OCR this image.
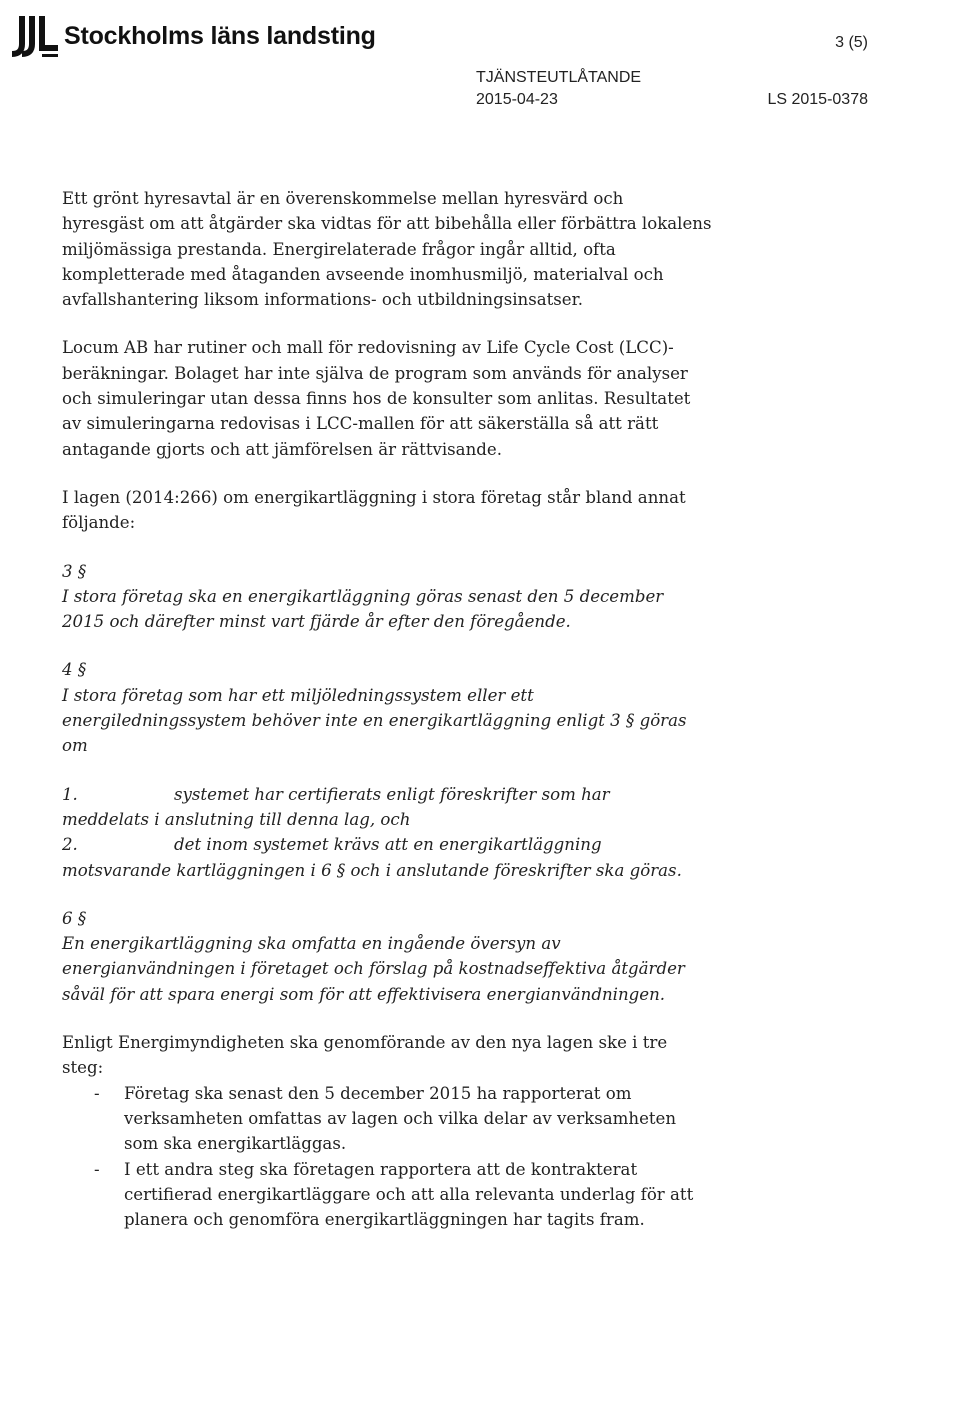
Stockholms läns landsting	3 (5)
TJÄNSTEUTLÅTANDE
2015-04-23	LS 2015-0378

Ett grönt hyresavtal är en överenskommelse mellan hyresvärd och
hyresgäst om att åtgärder ska vidtas för att bibehålla eller förbättra lokalens
miljömässiga prestanda. Energirelaterade frågor ingår alltid, ofta
kompletterade med åtaganden avseende inomhusmiljö, materialval och
avfallshantering liksom informations- och utbildningsinsatser.

Locum AB har rutiner och mall för redovisning av Life Cycle Cost (LCC)-
beräkningar. Bolaget har inte själva de program som används för analyser
och simuleringar utan dessa finns hos de konsulter som anlitas. Resultatet
av simuleringarna redovisas i LCC-mallen för att säkerställa så att rätt
antagande gjorts och att jämförelsen är rättvisande.

I lagen (2014:266) om energikartläggning i stora företag står bland annat
följande:

3 §
I stora företag ska en energikartläggning göras senast den 5 december
2015 och därefter minst vart fjärde år efter den föregående.

4 §
I stora företag som har ett miljöledningssystem eller ett
energiledningssystem behöver inte en energikartläggning enligt 3 § göras
om

1.	systemet har certifierats enligt föreskrifter som har
meddelats i anslutning till denna lag, och
2.	det inom systemet krävs att en energikartläggning
motsvarande kartläggningen i 6 § och i anslutande föreskrifter ska göras.

6 §
En energikartläggning ska omfatta en ingående översyn av
energianvändningen i företaget och förslag på kostnadseffektiva åtgärder
såväl för att spara energi som för att effektivisera energianvändningen.

Enligt Energimyndigheten ska genomförande av den nya lagen ske i tre
steg:

-	Företag ska senast den 5 december 2015 ha rapporterat om
verksamheten omfattas av lagen och vilka delar av verksamheten
som ska energikartläggas.
-	I ett andra steg ska företagen rapportera att de kontrakterat
certifierad energikartläggare och att alla relevanta underlag för att
planera och genomföra energikartläggningen har tagits fram.
